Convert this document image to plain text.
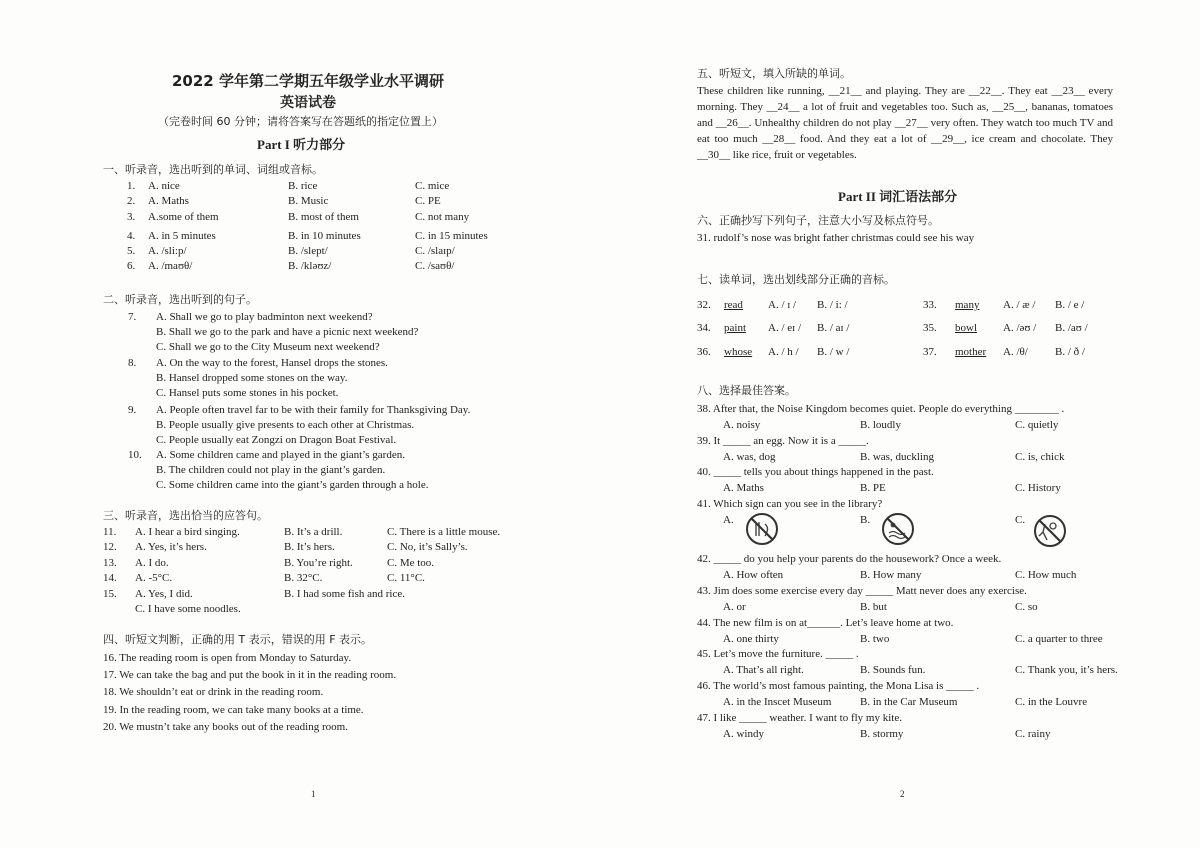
2022 学年第二学期五年级学业水平调研
英语试卷
（完卷时间 60 分钟；请将答案写在答题纸的指定位置上）
Part I 听力部分
一、听录音，选出听到的单词、词组或音标。
1. A. nice	B. rice	C. mice
2. A. Maths	B. Music	C. PE
3. A.some of them	B. most of them	C. not many
4. A. in 5 minutes	B. in 10 minutes	C. in 15 minutes
5. A. /sli:p/	B. /slept/	C. /slaɪp/
6. A. /maʊθ/	B. /kləʊz/	C. /saʊθ/
二、听录音，选出听到的句子。
7. A. Shall we go to play badminton next weekend?
B. Shall we go to the park and have a picnic next weekend?
C. Shall we go to the City Museum next weekend?
8. A. On the way to the forest, Hansel drops the stones.
B. Hansel dropped some stones on the way.
C. Hansel puts some stones in his pocket.
9. A. People often travel far to be with their family for Thanksgiving Day.
B. People usually give presents to each other at Christmas.
C. People usually eat Zongzi on Dragon Boat Festival.
10. A. Some children came and played in the giant’s garden.
B. The children could not play in the giant’s garden.
C. Some children came into the giant’s garden through a hole.
三、听录音，选出恰当的应答句。
11. A. I hear a bird singing.	B. It’s a drill.	C. There is a little mouse.
12. A. Yes, it’s hers.	B. It’s hers.	C. No, it’s Sally’s.
13. A. I do.	B. You’re right.	C. Me too.
14. A. -5°C.	B. 32°C.	C. 11°C.
15. A. Yes, I did.	B. I had some fish and rice.
C. I have some noodles.
四、听短文判断，正确的用 T 表示，错误的用 F 表示。
16. The reading room is open from Monday to Saturday.
17. We can take the bag and put the book in it in the reading room.
18. We shouldn’t eat or drink in the reading room.
19. In the reading room, we can take many books at a time.
20. We mustn’t take any books out of the reading room.
1
五、听短文，填入所缺的单词。
These children like running, __21__ and playing. They are __22__. They eat __23__ every morning. They __24__ a lot of fruit and vegetables too. Such as, __25__, bananas, tomatoes and __26__. Unhealthy children do not play __27__ very often. They watch too much TV and eat too much __28__ food. And they eat a lot of __29__, ice cream and chocolate. They __30__ like rice, fruit or vegetables.
Part II 词汇语法部分
六、正确抄写下列句子，注意大小写及标点符号。
31. rudolf’s nose was bright father christmas could see his way
七、读单词，选出划线部分正确的音标。
32. read A. / ɪ / B. / i: /	33. many A. / æ / B. / e /
34. paint A. / eɪ / B. / aɪ /	35. bowl A. /əʊ / B. /aʊ /
36. whose A. / h / B. / w /	37. mother A. /θ/ B. / ð /
八、选择最佳答案。
38. After that, the Noise Kingdom becomes quiet. People do everything ________ .
A. noisy	B. loudly	C. quietly
39. It _____ an egg. Now it is a _____.
A. was, dog	B. was, duckling	C. is, chick
40. _____ tells you about things happened in the past.
A. Maths	B. PE	C. History
41. Which sign can you see in the library?
A.	B.	C.
42. _____ do you help your parents do the housework? Once a week.
A. How often	B. How many	C. How much
43. Jim does some exercise every day _____ Matt never does any exercise.
A. or	B. but	C. so
44. The new film is on at______. Let’s leave home at two.
A. one thirty	B. two	C. a quarter to three
45. Let’s move the furniture. _____ .
A. That’s all right.	B. Sounds fun.	C. Thank you, it’s hers.
46. The world’s most famous painting, the Mona Lisa is _____ .
A. in the Inscet Museum	B. in the Car Museum	C. in the Louvre
47. I like _____ weather. I want to fly my kite.
A. windy	B. stormy	C. rainy
2
